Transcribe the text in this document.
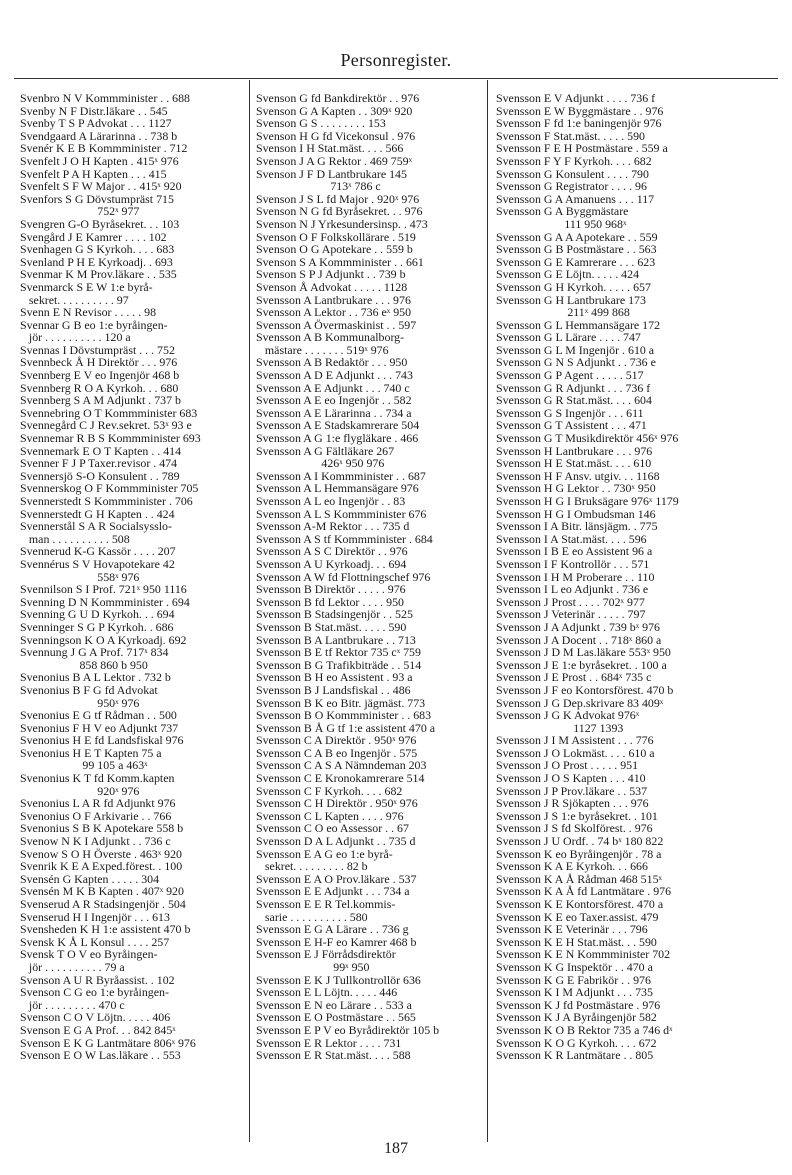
Personregister.
Svenbro N V Kommminister . . 688
Svenby N F Distr.läkare . . 545
Svenby T S P Advokat . . . 1127
Svendgaard A Lärarinna . . 738 b
Svenér K E B Kommminister . 712
Svenfelt J O H Kapten . 415ˣ 976
Svenfelt P A H Kapten . . . 415
Svenfelt S F W Major . . 415ˣ 920
Svenfors S G Dövstumpräst 715
752ˣ 977
Svengren G-O Byråsekret. . . 103
Svengård J E Kamrer . . . . 102
Svenhagen G S Kyrkoh. . . . 683
Svenland P H E Kyrkoadj. . 693
Svenmar K M Prov.läkare . . 535
Svenmarck S E W 1:e byrå-
sekret. . . . . . . . . . 97
Svenn E N Revisor . . . . . 98
Svennar G B eo 1:e byråingen-
jör . . . . . . . . . . 120 a
Svennas I Dövstumpräst . . . 752
Svennbeck Å H Direktör . . . 976
Svennberg E V eo Ingenjör 468 b
Svennberg R O A Kyrkoh. . . 680
Svennberg S A M Adjunkt . 737 b
Svennebring O T Kommminister 683
Svennegård C J Rev.sekret. 53ˣ 93 e
Svennemar R B S Kommminister 693
Svennemark E O T Kapten . . 414
Svenner F J P Taxer.revisor . 474
Svennersjö S-O Konsulent . . 789
Svennerskog O F Kommminister 705
Svennerstedt S Kommminister . 706
Svennerstedt G H Kapten . . 424
Svennerstål S A R Socialsysslo-
man . . . . . . . . . . 508
Svennerud K-G Kassör . . . . 207
Svennérus S V Hovapotekare 42
558ˣ 976
Svennilson S I Prof. 721ˣ 950 1116
Svenning D N Kommminister . 694
Svenning G U D Kyrkoh. . . 694
Svenninger S G P Kyrkoh. . 686
Svenningson K O A Kyrkoadj. 692
Svennung J G A Prof. 717ˣ 834
858 860 b 950
Svenonius B A L Lektor . 732 b
Svenonius B F G fd Advokat
950ˣ 976
Svenonius E G tf Rådman . . 500
Svenonius F H V eo Adjunkt 737
Svenonius H E fd Landsfiskal 976
Svenonius H E T Kapten 75 a
99 105 a 463ˣ
Svenonius K T fd Komm.kapten
920ˣ 976
Svenonius L A R fd Adjunkt 976
Svenonius O F Arkivarie . . 766
Svenonius S B K Apotekare 558 b
Svenow N K I Adjunkt . . 736 c
Svenow S O H Överste . 463ˣ 920
Svenrik K E A Exped.förest. . 100
Svensén G Kapten . . . . . 304
Svensén M K B Kapten . 407ˣ 920
Svenserud A R Stadsingenjör . 504
Svenserud H I Ingenjör . . . 613
Svensheden K H 1:e assistent 470 b
Svensk K Å L Konsul . . . . 257
Svensk T O V eo Byråingen-
jör . . . . . . . . . . 79 a
Svenson A U R Byråassist. . 102
Svenson C G eo 1:e byråingen-
jör . . . . . . . . . 470 c
Svenson C O V Löjtn. . . . . 406
Svenson E G A Prof. . . 842 845ˣ
Svenson E K G Lantmätare 806ˣ 976
Svenson E O W Las.läkare . . 553
Svenson G fd Bankdirektör . . 976
Svenson G A Kapten . . 309ˣ 920
Svenson G S . . . . . . . . 153
Svenson H G fd Vicekonsul . 976
Svenson I H Stat.mäst. . . . 566
Svenson J A G Rektor . 469 759ˣ
Svenson J F D Lantbrukare 145
713ˣ 786 c
Svenson J S L fd Major . 920ˣ 976
Svenson N G fd Byråsekret. . . 976
Svenson N J Yrkesundersinsp. . 473
Svenson O F Folkskollärare . 519
Svenson O G Apotekare . . 559 b
Svenson S A Kommminister . . 661
Svenson S P J Adjunkt . . 739 b
Svenson Å Advokat . . . . . 1128
Svensson A Lantbrukare . . . 976
Svensson A Lektor . . 736 eˣ 950
Svensson A Övermaskinist . . 597
Svensson A B Kommunalborg-
mästare . . . . . . . 519ˣ 976
Svensson A B Redaktör . . . 950
Svensson A D E Adjunkt . . . 743
Svensson A E Adjunkt . . . 740 c
Svensson A E eo Ingenjör . . 582
Svensson A E Lärarinna . . 734 a
Svensson A E Stadskamrerare 504
Svensson A G 1:e flygläkare . 466
Svensson A G Fältläkare 267
426ˣ 950 976
Svensson A I Kommminister . . 687
Svensson A L Hemmansägare 976
Svensson A L eo Ingenjör . . 83
Svensson A L S Kommminister 676
Svensson A-M Rektor . . . 735 d
Svensson A S tf Kommminister . 684
Svensson A S C Direktör . . 976
Svensson A U Kyrkoadj. . . 694
Svensson A W fd Flottningschef 976
Svensson B Direktör . . . . . 976
Svensson B fd Lektor . . . . 950
Svensson B Stadsingenjör . . 525
Svensson B Stat.mäst. . . . . 590
Svensson B A Lantbrukare . . 713
Svensson B E tf Rektor 735 cˣ 759
Svensson B G Trafikbiträde . . 514
Svensson B H eo Assistent . 93 a
Svensson B J Landsfiskal . . 486
Svensson B K eo Bitr. jägmäst. 773
Svensson B O Kommminister . . 683
Svensson B Å G tf 1:e assistent 470 a
Svensson C A Direktör . 950ˣ 976
Svensson C A B eo Ingenjör . 575
Svensson C A S A Nämndeman 203
Svensson C E Kronokamrerare 514
Svensson C F Kyrkoh. . . . 682
Svensson C H Direktör . 950ˣ 976
Svensson C L Kapten . . . . 976
Svensson C O eo Assessor . . 67
Svensson D A L Adjunkt . . 735 d
Svensson E A G eo 1:e byrå-
sekret. . . . . . . . . 82 b
Svensson E A O Prov.läkare . 537
Svensson E E Adjunkt . . . 734 a
Svensson E E R Tel.kommis-
sarie . . . . . . . . . . 580
Svensson E G A Lärare . . 736 g
Svensson E H-F eo Kamrer 468 b
Svensson E J Förrådsdirektör
99ˣ 950
Svensson E K J Tullkontrollör 636
Svensson E L Löjtn. . . . . 446
Svensson E N eo Lärare . . 533 a
Svensson E O Postmästare . . 565
Svensson E P V eo Byrådirektör 105 b
Svensson E R Lektor . . . . 731
Svensson E R Stat.mäst. . . . 588
Svensson E V Adjunkt . . . . 736 f
Svensson E W Byggmästare . . 976
Svensson F fd 1:e baningenjör 976
Svensson F Stat.mäst. . . . . 590
Svensson F E H Postmästare . 559 a
Svensson F Y F Kyrkoh. . . . 682
Svensson G Konsulent . . . . 790
Svensson G Registrator . . . . 96
Svensson G A Amanuens . . . 117
Svensson G A Byggmästare
111 950 968ˣ
Svensson G A A Apotekare . . 559
Svensson G B Postmästare . . 563
Svensson G E Kamrerare . . . 623
Svensson G E Löjtn. . . . . 424
Svensson G H Kyrkoh. . . . . 657
Svensson G H Lantbrukare 173
211ˣ 499 868
Svensson G L Hemmansägare 172
Svensson G L Lärare . . . . 747
Svensson G L M Ingenjör . 610 a
Svensson G N S Adjunkt . . 736 e
Svensson G P Agent . . . . . 517
Svensson G R Adjunkt . . . 736 f
Svensson G R Stat.mäst. . . . 604
Svensson G S Ingenjör . . . 611
Svensson G T Assistent . . . 471
Svensson G T Musikdirektör 456ˣ 976
Svensson H Lantbrukare . . . 976
Svensson H E Stat.mäst. . . . 610
Svensson H F Ansv. utgiv. . . 1168
Svensson H G Lektor . . 730ˣ 950
Svensson H G I Bruksägare 976ˣ 1179
Svensson H G I Ombudsman 146
Svensson I A Bitr. länsjägm. . 775
Svensson I A Stat.mäst. . . . 596
Svensson I B E eo Assistent 96 a
Svensson I F Kontrollör . . . 571
Svensson I H M Proberare . . 110
Svensson I L eo Adjunkt . 736 e
Svensson J Prost . . . . 702ˣ 977
Svensson J Veterinär . . . . . 797
Svensson J A Adjunkt . 739 bˣ 976
Svensson J A Docent . . 718ˣ 860 a
Svensson J D M Las.läkare 553ˣ 950
Svensson J E 1:e byråsekret. . 100 a
Svensson J E Prost . . 684ˣ 735 c
Svensson J F eo Kontorsförest. 470 b
Svensson J G Dep.skrivare 83 409ˣ
Svensson J G K Advokat 976ˣ
1127 1393
Svensson J I M Assistent . . . 776
Svensson J O Lokmäst. . . . 610 a
Svensson J O Prost . . . . . 951
Svensson J O S Kapten . . . 410
Svensson J P Prov.läkare . . 537
Svensson J R Sjökapten . . . 976
Svensson J S 1:e byråsekret. . 101
Svensson J S fd Skolförest. . 976
Svensson J U Ordf. . 74 bˣ 180 822
Svensson K eo Byråingenjör . 78 a
Svensson K A E Kyrkoh. . . 666
Svensson K A Å Rådman 468 515ˣ
Svensson K A Å fd Lantmätare . 976
Svensson K E Kontorsförest. 470 a
Svensson K E eo Taxer.assist. 479
Svensson K E Veterinär . . . 796
Svensson K E H Stat.mäst. . . 590
Svensson K E N Kommminister 702
Svensson K G Inspektör . . 470 a
Svensson K G E Fabrikör . . 976
Svensson K I M Adjunkt . . . 735
Svensson K J fd Postmästare . 976
Svensson K J A Byråingenjör 582
Svensson K O B Rektor 735 a 746 dˣ
Svensson K O G Kyrkoh. . . . 672
Svensson K R Lantmätare . . 805
187
